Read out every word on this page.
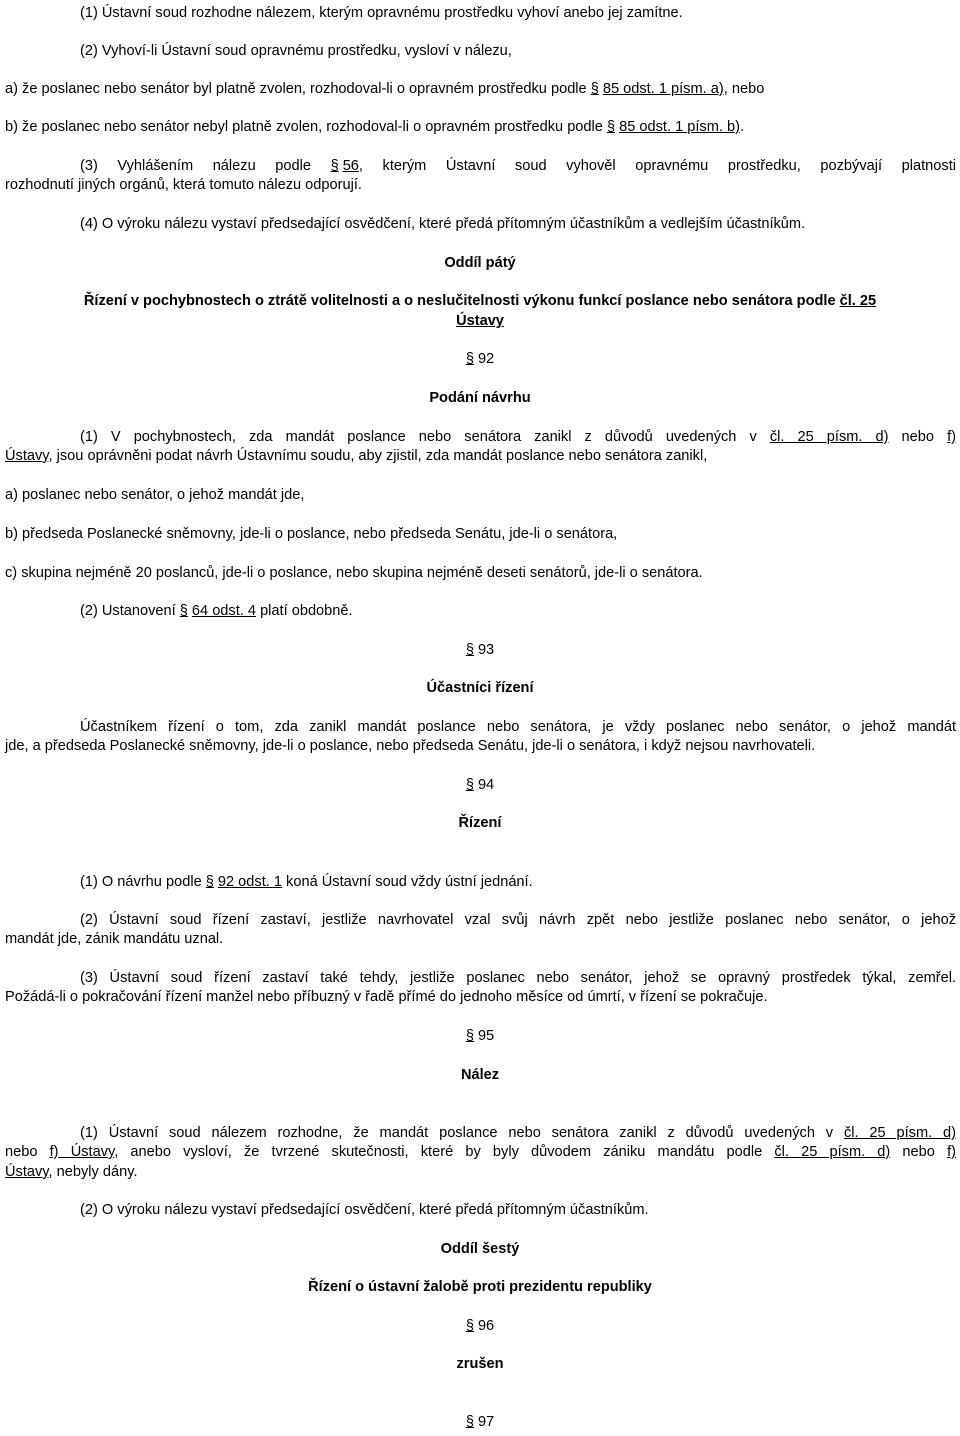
(1) Ústavní soud rozhodne nálezem, kterým opravnému prostředku vyhoví anebo jej zamítne.
(2) Vyhoví-li Ústavní soud opravnému prostředku, vysloví v nálezu,
a) že poslanec nebo senátor byl platně zvolen, rozhodoval-li o opravném prostředku podle § 85 odst. 1 písm. a), nebo
b) že poslanec nebo senátor nebyl platně zvolen, rozhodoval-li o opravném prostředku podle § 85 odst. 1 písm. b).
(3) Vyhlášením nálezu podle § 56, kterým Ústavní soud vyhověl opravnému prostředku, pozbývají platnosti
rozhodnutí jiných orgánů, která tomuto nálezu odporují.
(4) O výroku nálezu vystaví předsedající osvědčení, které předá přítomným účastníkům a vedlejším účastníkům.
Oddíl pátý
Řízení v pochybnostech o ztrátě volitelnosti a o neslučitelnosti výkonu funkcí poslance nebo senátora podle čl. 25
Ústavy
§ 92
Podání návrhu
(1) V pochybnostech, zda mandát poslance nebo senátora zanikl z důvodů uvedených v čl. 25 písm. d) nebo f)
Ústavy, jsou oprávněni podat návrh Ústavnímu soudu, aby zjistil, zda mandát poslance nebo senátora zanikl,
a) poslanec nebo senátor, o jehož mandát jde,
b) předseda Poslanecké sněmovny, jde-li o poslance, nebo předseda Senátu, jde-li o senátora,
c) skupina nejméně 20 poslanců, jde-li o poslance, nebo skupina nejméně deseti senátorů, jde-li o senátora.
(2) Ustanovení § 64 odst. 4 platí obdobně.
§ 93
Účastníci řízení
Účastníkem řízení o tom, zda zanikl mandát poslance nebo senátora, je vždy poslanec nebo senátor, o jehož mandát
jde, a předseda Poslanecké sněmovny, jde-li o poslance, nebo předseda Senátu, jde-li o senátora, i když nejsou navrhovateli.
§ 94
Řízení
(1) O návrhu podle § 92 odst. 1 koná Ústavní soud vždy ústní jednání.
(2) Ústavní soud řízení zastaví, jestliže navrhovatel vzal svůj návrh zpět nebo jestliže poslanec nebo senátor, o jehož
mandát jde, zánik mandátu uznal.
(3) Ústavní soud řízení zastaví také tehdy, jestliže poslanec nebo senátor, jehož se opravný prostředek týkal, zemřel.
Požádá-li o pokračování řízení manžel nebo příbuzný v řadě přímé do jednoho měsíce od úmrtí, v řízení se pokračuje.
§ 95
Nález
(1) Ústavní soud nálezem rozhodne, že mandát poslance nebo senátora zanikl z důvodů uvedených v čl. 25 písm. d)
nebo f) Ústavy, anebo vysloví, že tvrzené skutečnosti, které by byly důvodem zániku mandátu podle čl. 25 písm. d) nebo f)
Ústavy, nebyly dány.
(2) O výroku nálezu vystaví předsedající osvědčení, které předá přítomným účastníkům.
Oddíl šestý
Řízení o ústavní žalobě proti prezidentu republiky
§ 96
zrušen
§ 97
